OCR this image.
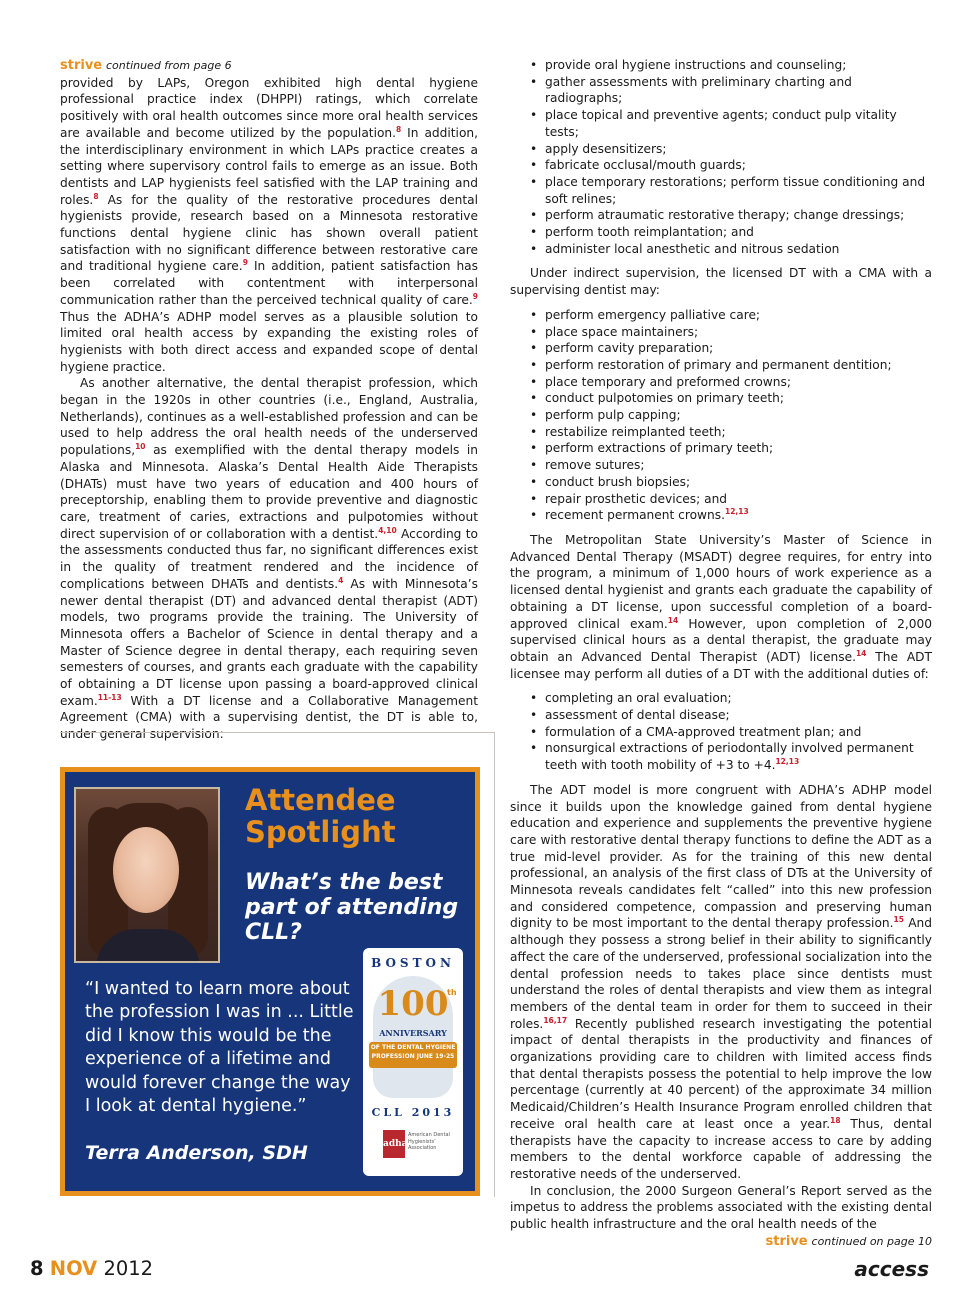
strive continued from page 6

provided by LAPs, Oregon exhibited high dental hygiene professional practice index (DHPPI) ratings, which correlate positively with oral health outcomes since more oral health services are available and become utilized by the population.$^8$ In addition, the interdisciplinary environment in which LAPs practice creates a setting where supervisory control fails to emerge as an issue. Both dentists and LAP hygienists feel satisfied with the LAP training and roles.$^8$ As for the quality of the restorative procedures dental hygienists provide, research based on a Minnesota restorative functions dental hygiene clinic has shown overall patient satisfaction with no significant difference between restorative care and traditional hygiene care.$^9$ In addition, patient satisfaction has been correlated with contentment with interpersonal communication rather than the perceived technical quality of care.$^9$ Thus the ADHA’s ADHP model serves as a plausible solution to limited oral health access by expanding the existing roles of hygienists with both direct access and expanded scope of dental hygiene practice.

As another alternative, the dental therapist profession, which began in the 1920s in other countries (i.e., England, Australia, Netherlands), continues as a well-established profession and can be used to help address the oral health needs of the underserved populations,$^{10}$ as exemplified with the dental therapy models in Alaska and Minnesota. Alaska’s Dental Health Aide Therapists (DHATs) must have two years of education and 400 hours of preceptorship, enabling them to provide preventive and diagnostic care, treatment of caries, extractions and pulpotomies without direct supervision of or collaboration with a dentist.$^{4,10}$ According to the assessments conducted thus far, no significant differences exist in the quality of treatment rendered and the incidence of complications between DHATs and dentists.$^4$ As with Minnesota’s newer dental therapist (DT) and advanced dental therapist (ADT) models, two programs provide the training. The University of Minnesota offers a Bachelor of Science in dental therapy and a Master of Science degree in dental therapy, each requiring seven semesters of courses, and grants each graduate with the capability of obtaining a DT license upon passing a board-approved clinical exam.$^{11-13}$ With a DT license and a Collaborative Management Agreement (CMA) with a supervising dentist, the DT is able to, under general supervision:

• provide oral hygiene instructions and counseling;
• gather assessments with preliminary charting and radiographs;
• place topical and preventive agents; conduct pulp vitality tests;
• apply desensitizers;
• fabricate occlusal/mouth guards;
• place temporary restorations; perform tissue conditioning and soft relines;
• perform atraumatic restorative therapy; change dressings;
• perform tooth reimplantation; and
• administer local anesthetic and nitrous sedation

Under indirect supervision, the licensed DT with a CMA with a supervising dentist may:

• perform emergency palliative care;
• place space maintainers;
• perform cavity preparation;
• perform restoration of primary and permanent dentition;
• place temporary and preformed crowns;
• conduct pulpotomies on primary teeth;
• perform pulp capping;
• restabilize reimplanted teeth;
• perform extractions of primary teeth;
• remove sutures;
• conduct brush biopsies;
• repair prosthetic devices; and
• recement permanent crowns.$^{12,13}$

The Metropolitan State University’s Master of Science in Advanced Dental Therapy (MSADT) degree requires, for entry into the program, a minimum of 1,000 hours of work experience as a licensed dental hygienist and grants each graduate the capability of obtaining a DT license, upon successful completion of a board-approved clinical exam.$^{14}$ However, upon completion of 2,000 supervised clinical hours as a dental therapist, the graduate may obtain an Advanced Dental Therapist (ADT) license.$^{14}$ The ADT licensee may perform all duties of a DT with the additional duties of:

• completing an oral evaluation;
• assessment of dental disease;
• formulation of a CMA-approved treatment plan; and
• nonsurgical extractions of periodontally involved permanent teeth with tooth mobility of +3 to +4.$^{12,13}$

The ADT model is more congruent with ADHA’s ADHP model since it builds upon the knowledge gained from dental hygiene education and experience and supplements the preventive hygiene care with restorative dental therapy functions to define the ADT as a true mid-level provider. As for the training of this new dental professional, an analysis of the first class of DTs at the University of Minnesota reveals candidates felt “called” into this new profession and considered competence, compassion and preserving human dignity to be most important to the dental therapy profession.$^{15}$ And although they possess a strong belief in their ability to significantly affect the care of the underserved, professional socialization into the dental profession needs to takes place since dentists must understand the roles of dental therapists and view them as integral members of the dental team in order for them to succeed in their roles.$^{16,17}$ Recently published research investigating the potential impact of dental therapists in the productivity and finances of organizations providing care to children with limited access finds that dental therapists possess the potential to help improve the low percentage (currently at 40 percent) of the approximate 34 million Medicaid/Children’s Health Insurance Program enrolled children that receive oral health care at least once a year.$^{18}$ Thus, dental therapists have the capacity to increase access to care by adding members to the dental workforce capable of addressing the restorative needs of the underserved.

In conclusion, the 2000 Surgeon General’s Report served as the impetus to address the problems associated with the existing dental public health infrastructure and the oral health needs of the

strive continued on page 10
Attendee
Spotlight
What’s the best part of attending CLL?
“I wanted to learn more about the profession I was in ... Little did I know this would be the experience of a lifetime and would forever change the way I look at dental hygiene.”
Terra Anderson, SDH
BOSTON
100
th
ANNIVERSARY
OF THE DENTAL HYGIENE PROFESSION JUNE 19-25
CLL 2013
adha
American Dental Hygienists’ Association
8 NOV 2012	access
